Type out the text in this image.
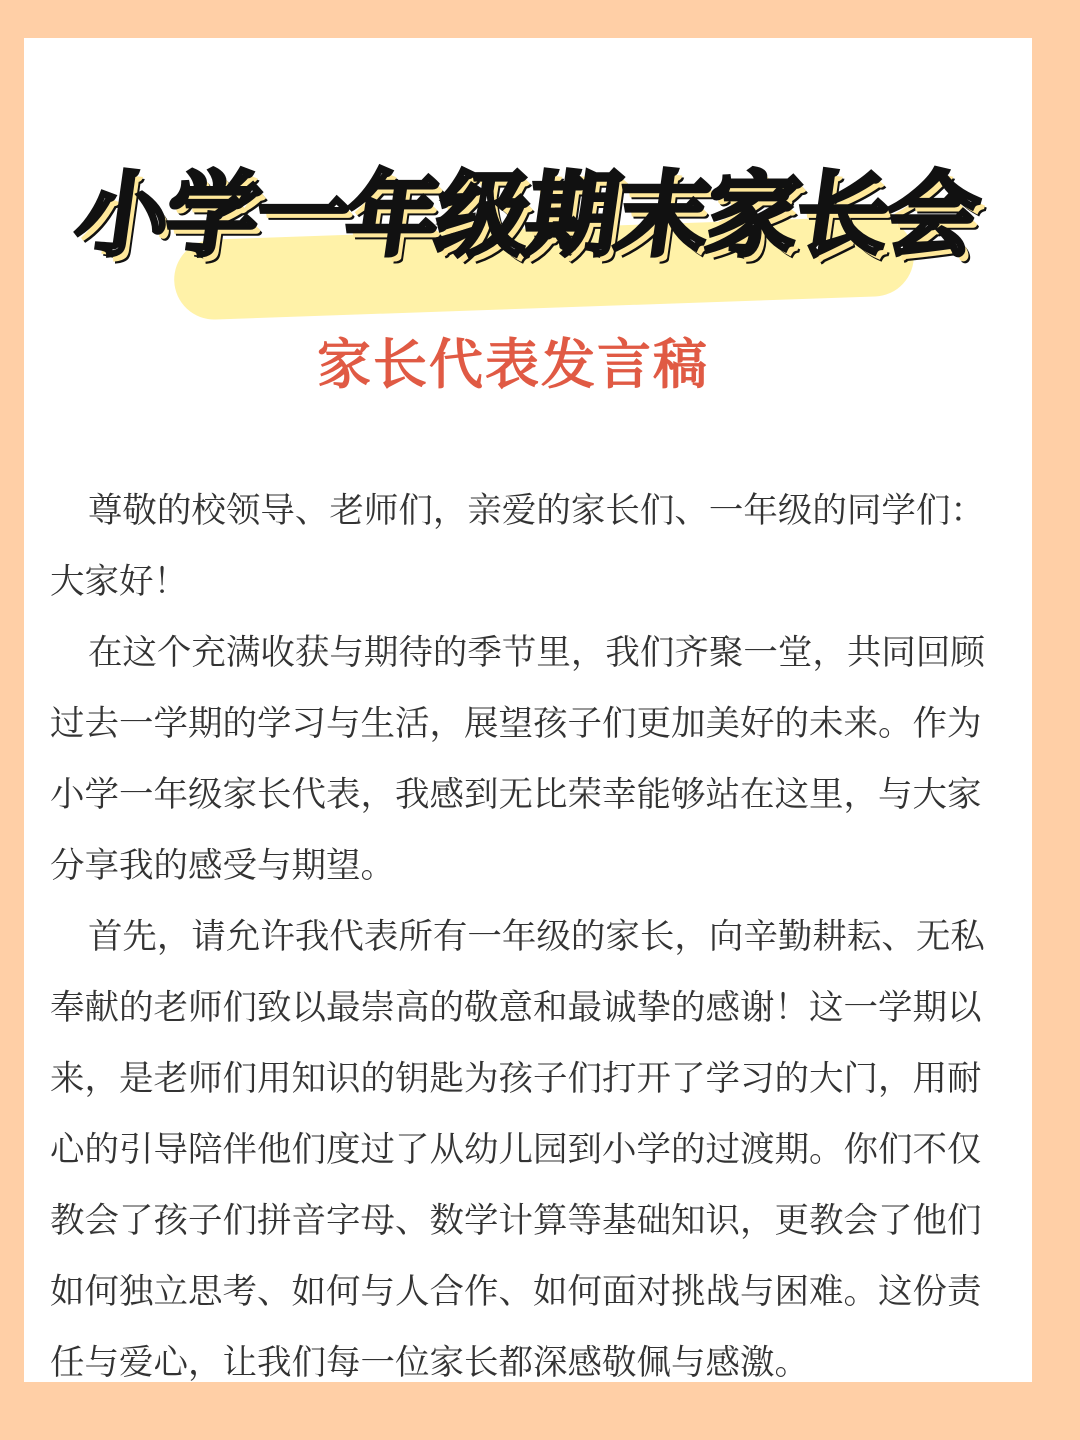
小学一年级期末家长会
家长代表发言稿

尊敬的校领导、老师们，亲爱的家长们、一年级的同学们：

大家好！

在这个充满收获与期待的季节里，我们齐聚一堂，共同回顾过去一学期的学习与生活，展望孩子们更加美好的未来。作为小学一年级家长代表，我感到无比荣幸能够站在这里，与大家分享我的感受与期望。

首先，请允许我代表所有一年级的家长，向辛勤耕耘、无私奉献的老师们致以最崇高的敬意和最诚挚的感谢！这一学期以来，是老师们用知识的钥匙为孩子们打开了学习的大门，用耐心的引导陪伴他们度过了从幼儿园到小学的过渡期。你们不仅教会了孩子们拼音字母、数学计算等基础知识，更教会了他们如何独立思考、如何与人合作、如何面对挑战与困难。这份责任与爱心，让我们每一位家长都深感敬佩与感激。
